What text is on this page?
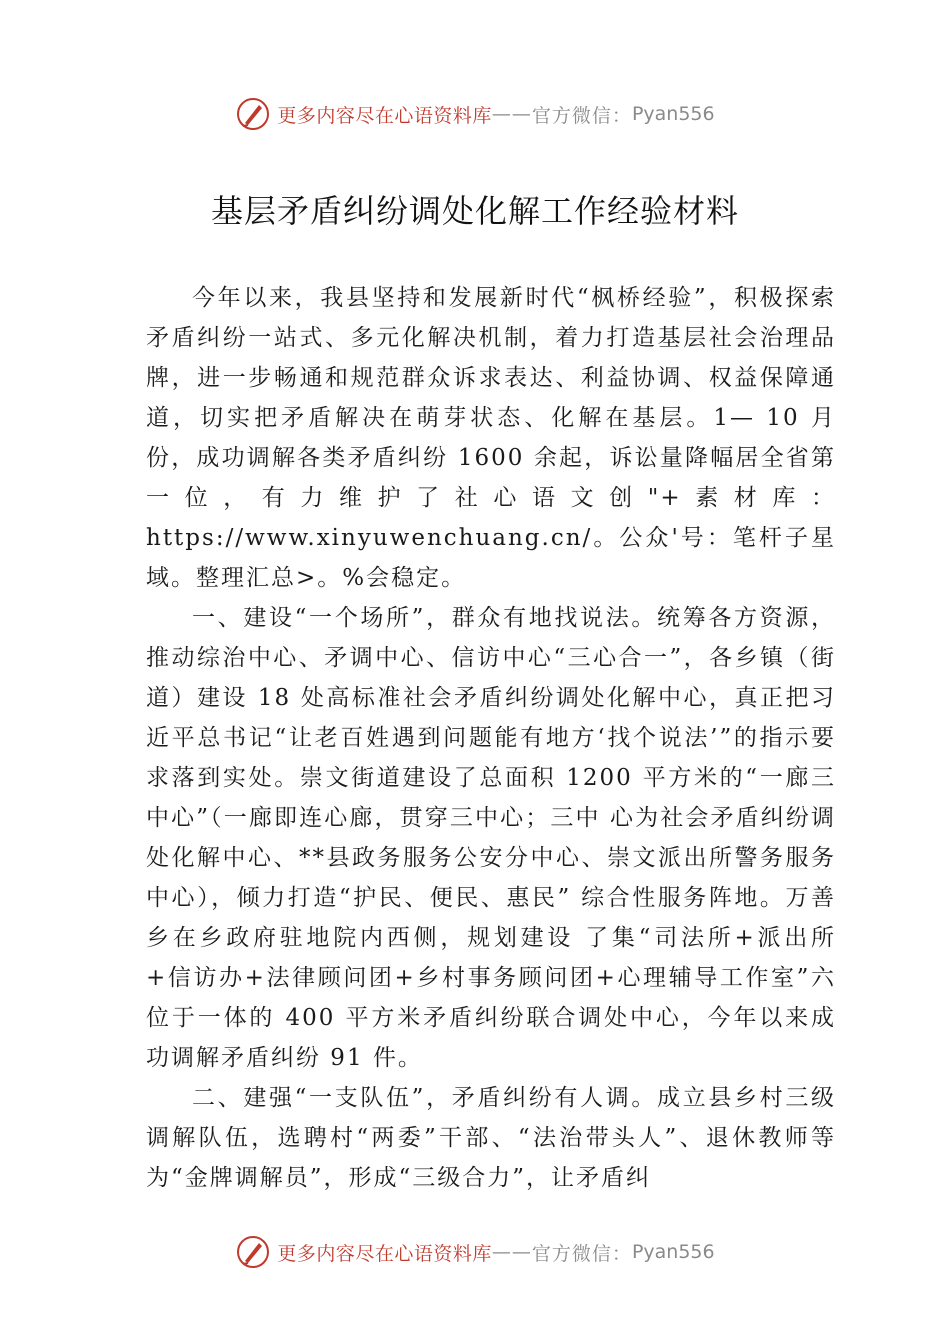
更多内容尽在心语资料库 —— 官方微信： Pyan556
基层矛盾纠纷调处化解工作经验材料

今年以来，我县坚持和发展新时代“枫桥经验”，积极探索矛盾纠纷一站式、多元化解决机制，着力打造基层社会治理品牌，进一步畅通和规范群众诉求表达、利益协调、权益保障通道，切实把矛盾解决在萌芽状态、化解在基层。1— 10 月份，成功调解各类矛盾纠纷 1600 余起，诉讼量降幅居全省第一位，有力维护了社心语文创"+素材库：https://www.xinyuwenchuang.cn/。公众'号：笔杆子星域。整理汇总>。%会稳定。

一、建设“一个场所”，群众有地找说法。统筹各方资源，推动综治中心、矛调中心、信访中心“三心合一”，各乡镇（街道）建设 18 处高标准社会矛盾纠纷调处化解中心，真正把习近平总书记“让老百姓遇到问题能有地方‘找个说法’”的指示要求落到实处。崇文街道建设了总面积 1200 平方米的“一廊三中心”（一廊即连心廊，贯穿三中心；三中 心为社会矛盾纠纷调处化解中心、**县政务服务公安分中心、崇文派出所警务服务中心），倾力打造“护民、便民、惠民” 综合性服务阵地。万善乡在乡政府驻地院内西侧，规划建设 了集“司法所+派出所+信访办+法律顾问团+乡村事务顾问团+心理辅导工作室”六位于一体的 400 平方米矛盾纠纷联合调处中心，今年以来成功调解矛盾纠纷 91 件。

二、建强“一支队伍”，矛盾纠纷有人调。成立县乡村三级调解队伍，选聘村“两委”干部、“法治带头人”、退休教师等为“金牌调解员”，形成“三级合力”，让矛盾纠

更多内容尽在心语资料库 —— 官方微信： Pyan556
